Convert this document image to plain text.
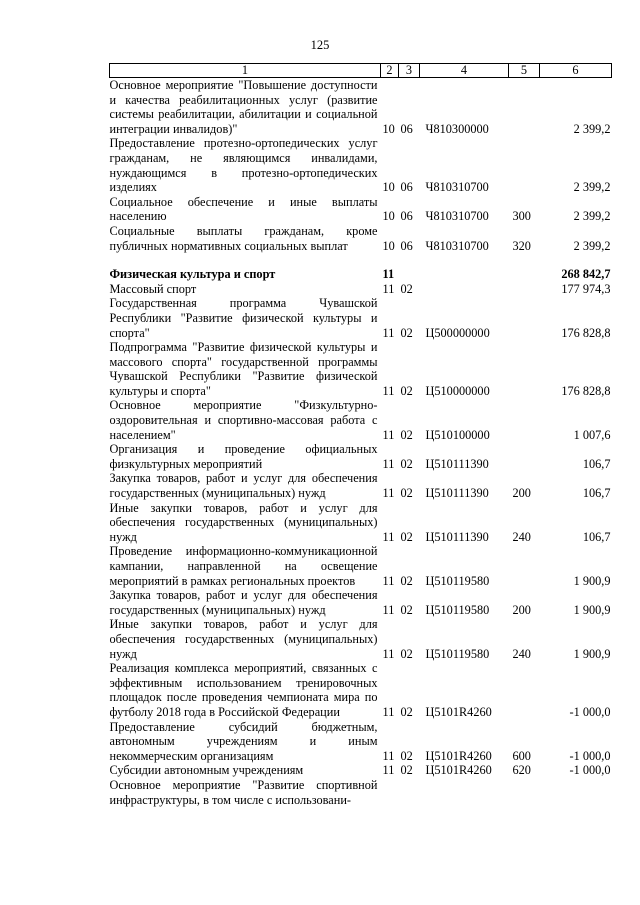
125
1	2	3	4	5	6
Основное мероприятие "Повышение доступности и качества реабилитационных услуг (развитие системы реабилитации, абилитации и социальной интеграции инвалидов)"	10	06	Ч810300000		2 399,2
Предоставление протезно-ортопедических услуг гражданам, не являющимся инвалидами, нуждающимся в протезно-ортопедических изделиях	10	06	Ч810310700		2 399,2
Социальное обеспечение и иные выплаты населению	10	06	Ч810310700	300	2 399,2
Социальные выплаты гражданам, кроме публичных нормативных социальных выплат	10	06	Ч810310700	320	2 399,2

Физическая культура и спорт	11				268 842,7
Массовый спорт	11	02			177 974,3
Государственная программа Чувашской Республики "Развитие физической культуры и спорта"	11	02	Ц500000000		176 828,8
Подпрограмма "Развитие физической культуры и массового спорта" государственной программы Чувашской Республики "Развитие физической культуры и спорта"	11	02	Ц510000000		176 828,8
Основное мероприятие "Физкультурно-оздоровительная и спортивно-массовая работа с населением"	11	02	Ц510100000		1 007,6
Организация и проведение официальных физкультурных мероприятий	11	02	Ц510111390		106,7
Закупка товаров, работ и услуг для обеспечения государственных (муниципальных) нужд	11	02	Ц510111390	200	106,7
Иные закупки товаров, работ и услуг для обеспечения государственных (муниципальных) нужд	11	02	Ц510111390	240	106,7
Проведение информационно-коммуникационной кампании, направленной на освещение мероприятий в рамках региональных проектов	11	02	Ц510119580		1 900,9
Закупка товаров, работ и услуг для обеспечения государственных (муниципальных) нужд	11	02	Ц510119580	200	1 900,9
Иные закупки товаров, работ и услуг для обеспечения государственных (муниципальных) нужд	11	02	Ц510119580	240	1 900,9
Реализация комплекса мероприятий, связанных с эффективным использованием тренировочных площадок после проведения чемпионата мира по футболу 2018 года в Российской Федерации	11	02	Ц5101R4260		-1 000,0
Предоставление субсидий бюджетным, автономным учреждениям и иным некоммерческим организациям	11	02	Ц5101R4260	600	-1 000,0
Субсидии автономным учреждениям	11	02	Ц5101R4260	620	-1 000,0
Основное мероприятие "Развитие спортивной инфраструктуры, в том числе с использовани-					
